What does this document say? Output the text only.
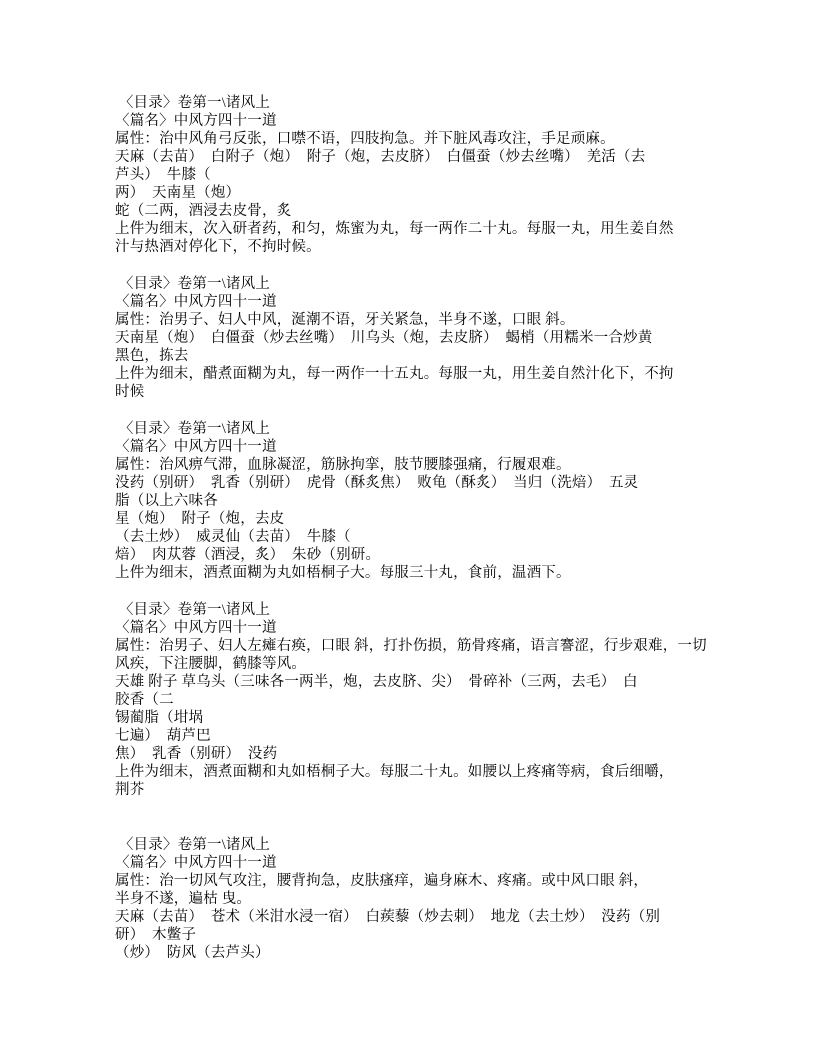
〈目录〉卷第一\诸风上
〈篇名〉中风方四十一道
属性：治中风角弓反张，口噤不语，四肢拘急。并下脏风毒攻注，手足顽麻。
天麻（去苗）  白附子（炮）  附子（炮，去皮脐）  白僵蚕（炒去丝嘴）  羌活（去
芦头）  牛膝（
两）  天南星（炮）
蛇（二两，酒浸去皮骨，炙
上件为细末，次入研者药，和匀，炼蜜为丸，每一两作二十丸。每服一丸，用生姜自然
汁与热酒对停化下，不拘时候。
〈目录〉卷第一\诸风上
〈篇名〉中风方四十一道
属性：治男子、妇人中风，涎潮不语，牙关紧急，半身不遂，口眼 斜。
天南星（炮）  白僵蚕（炒去丝嘴）  川乌头（炮，去皮脐）  蝎梢（用糯米一合炒黄
黑色，拣去
上件为细末，醋煮面糊为丸，每一两作一十五丸。每服一丸，用生姜自然汁化下，不拘
时候
〈目录〉卷第一\诸风上
〈篇名〉中风方四十一道
属性：治风痹气滞，血脉凝涩，筋脉拘挛，肢节腰膝强痛，行履艰难。
没药（别研）  乳香（别研）  虎骨（酥炙焦）  败龟（酥炙）  当归（洗焙）  五灵
脂（以上六味各
星（炮）  附子（炮，去皮
（去土炒）  威灵仙（去苗）  牛膝（
焙）  肉苁蓉（酒浸，炙）  朱砂（别研。
上件为细末，酒煮面糊为丸如梧桐子大。每服三十丸，食前，温酒下。
〈目录〉卷第一\诸风上
〈篇名〉中风方四十一道
属性：治男子、妇人左瘫右痪，口眼 斜，打扑伤损，筋骨疼痛，语言謇涩，行步艰难，一切
风疾，下注腰脚，鹤膝等风。
天雄 附子 草乌头（三味各一两半，炮，去皮脐、尖）  骨碎补（三两，去毛）  白
胶香（二
锡蔺脂（坩埚
七遍）  葫芦巴
焦）  乳香（别研）  没药
上件为细末，酒煮面糊和丸如梧桐子大。每服二十丸。如腰以上疼痛等病，食后细嚼，
荆芥
〈目录〉卷第一\诸风上
〈篇名〉中风方四十一道
属性：治一切风气攻注，腰背拘急，皮肤瘙痒，遍身麻木、疼痛。或中风口眼 斜，
半身不遂，遍枯 曳。
天麻（去苗）  苍术（米泔水浸一宿）  白蒺藜（炒去刺）  地龙（去土炒）  没药（别
研）  木鳖子
（炒）  防风（去芦头）
